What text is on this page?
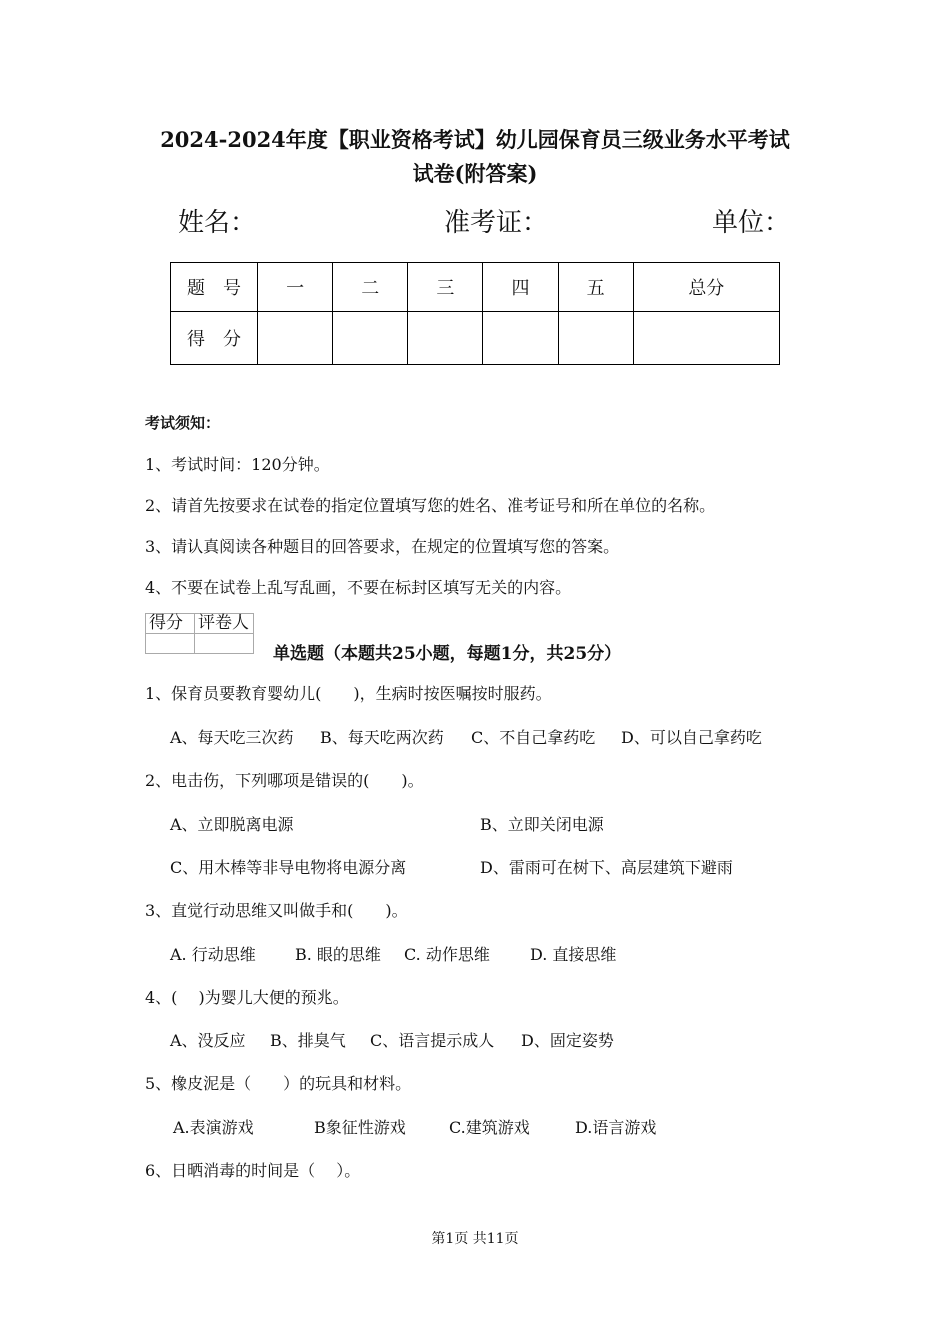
2024-2024年度【职业资格考试】幼儿园保育员三级业务水平考试
试卷(附答案)
姓名：	准考证：	单位：
题　号	一	二	三	四	五	总分
得　分						
考试须知：
1、考试时间：120分钟。
2、请首先按要求在试卷的指定位置填写您的姓名、准考证号和所在单位的名称。
3、请认真阅读各种题目的回答要求，在规定的位置填写您的答案。
4、不要在试卷上乱写乱画，不要在标封区填写无关的内容。
得分	评卷人

单选题（本题共25小题，每题1分，共25分）
1、保育员要教育婴幼儿(　　)，生病时按医嘱按时服药。
A、每天吃三次药 B、每天吃两次药 C、不自己拿药吃 D、可以自己拿药吃
2、电击伤，下列哪项是错误的(　　)。
A、立即脱离电源	B、立即关闭电源
C、用木棒等非导电物将电源分离	D、雷雨可在树下、高层建筑下避雨
3、直觉行动思维又叫做手和(　　)。
A. 行动思维 B. 眼的思维 C. 动作思维	D. 直接思维
4、(　 )为婴儿大便的预兆。
A、没反应 B、排臭气 C、语言提示成人 D、固定姿势
5、橡皮泥是（　　）的玩具和材料。
A.表演游戏	B象征性游戏	C.建筑游戏	D.语言游戏
6、日晒消毒的时间是（　 ）。
第1页 共11页
